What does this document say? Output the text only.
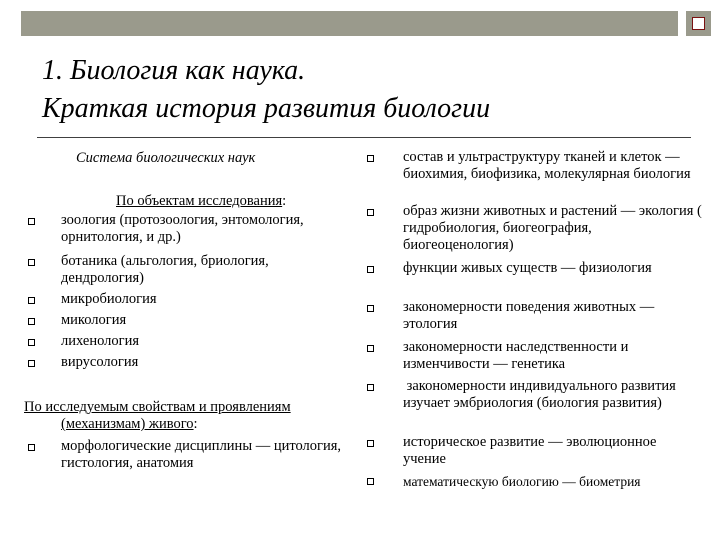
1. Биология как наука.
Краткая история развития биологии
Система биологических наук
По объектам исследования:
зоология (протозоология, энтомология, орнитология, и др.)
ботаника (альгология, бриология, дендрология)
микробиология
микология
лихенология
вирусология
По исследуемым свойствам и проявлениям
(механизмам) живого:
морфологические дисциплины — цитология, гистология, анатомия
состав и ультраструктуру тканей и клеток — биохимия, биофизика, молекулярная биология
образ жизни животных и растений — экология ( гидробиология, биогеография, биогеоценология)
функции живых существ — физиология
закономерности поведения животных — этология
закономерности наследственности и изменчивости — генетика
закономерности индивидуального развития изучает эмбриология (биология развития)
историческое развитие — эволюционное учение
математическую биологию — биометрия
